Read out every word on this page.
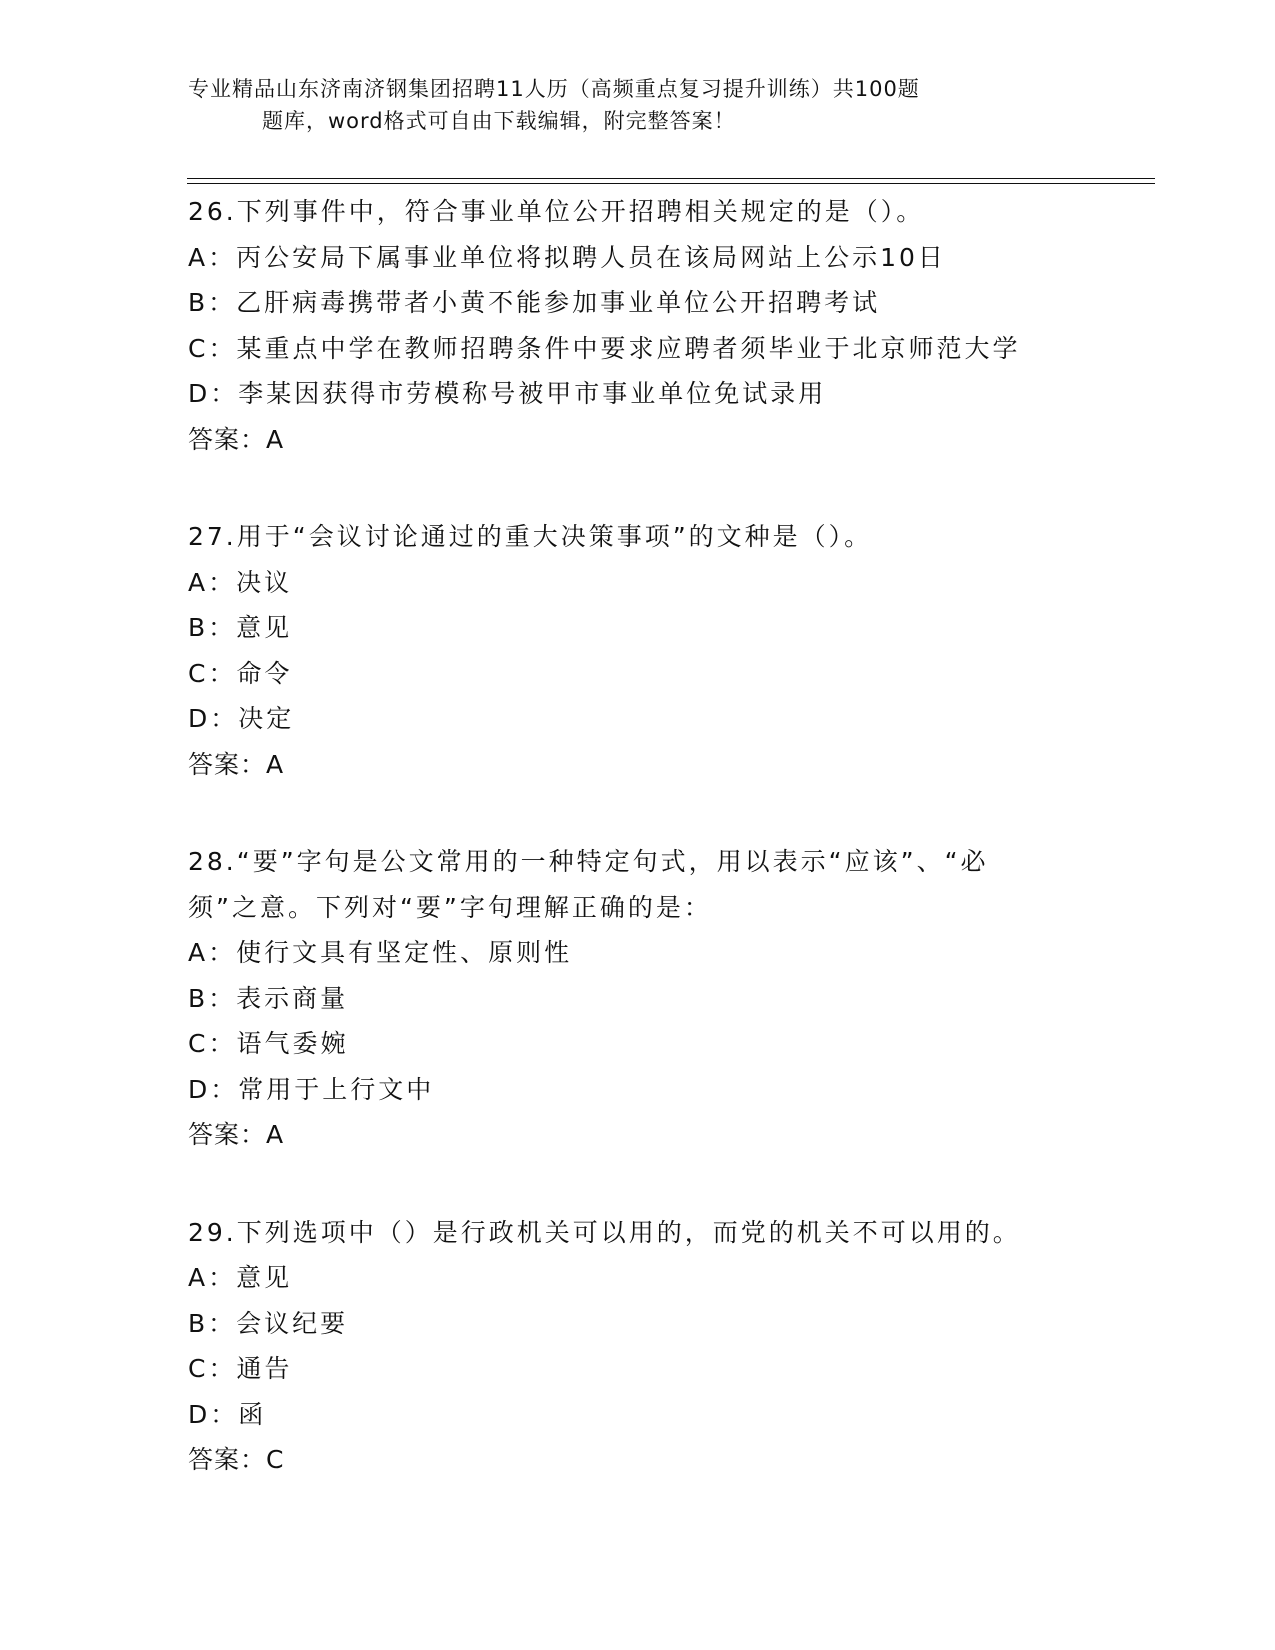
专业精品山东济南济钢集团招聘11人历（高频重点复习提升训练）共100题
题库，word格式可自由下载编辑，附完整答案！
26.下列事件中，符合事业单位公开招聘相关规定的是（）。
A：丙公安局下属事业单位将拟聘人员在该局网站上公示10日
B：乙肝病毒携带者小黄不能参加事业单位公开招聘考试
C：某重点中学在教师招聘条件中要求应聘者须毕业于北京师范大学
D：李某因获得市劳模称号被甲市事业单位免试录用
答案：A
27.用于“会议讨论通过的重大决策事项”的文种是（）。
A：决议
B：意见
C：命令
D：决定
答案：A
28.“要”字句是公文常用的一种特定句式，用以表示“应该”、“必
须”之意。下列对“要”字句理解正确的是：
A：使行文具有坚定性、原则性
B：表示商量
C：语气委婉
D：常用于上行文中
答案：A
29.下列选项中（）是行政机关可以用的，而党的机关不可以用的。
A：意见
B：会议纪要
C：通告
D：函
答案：C
